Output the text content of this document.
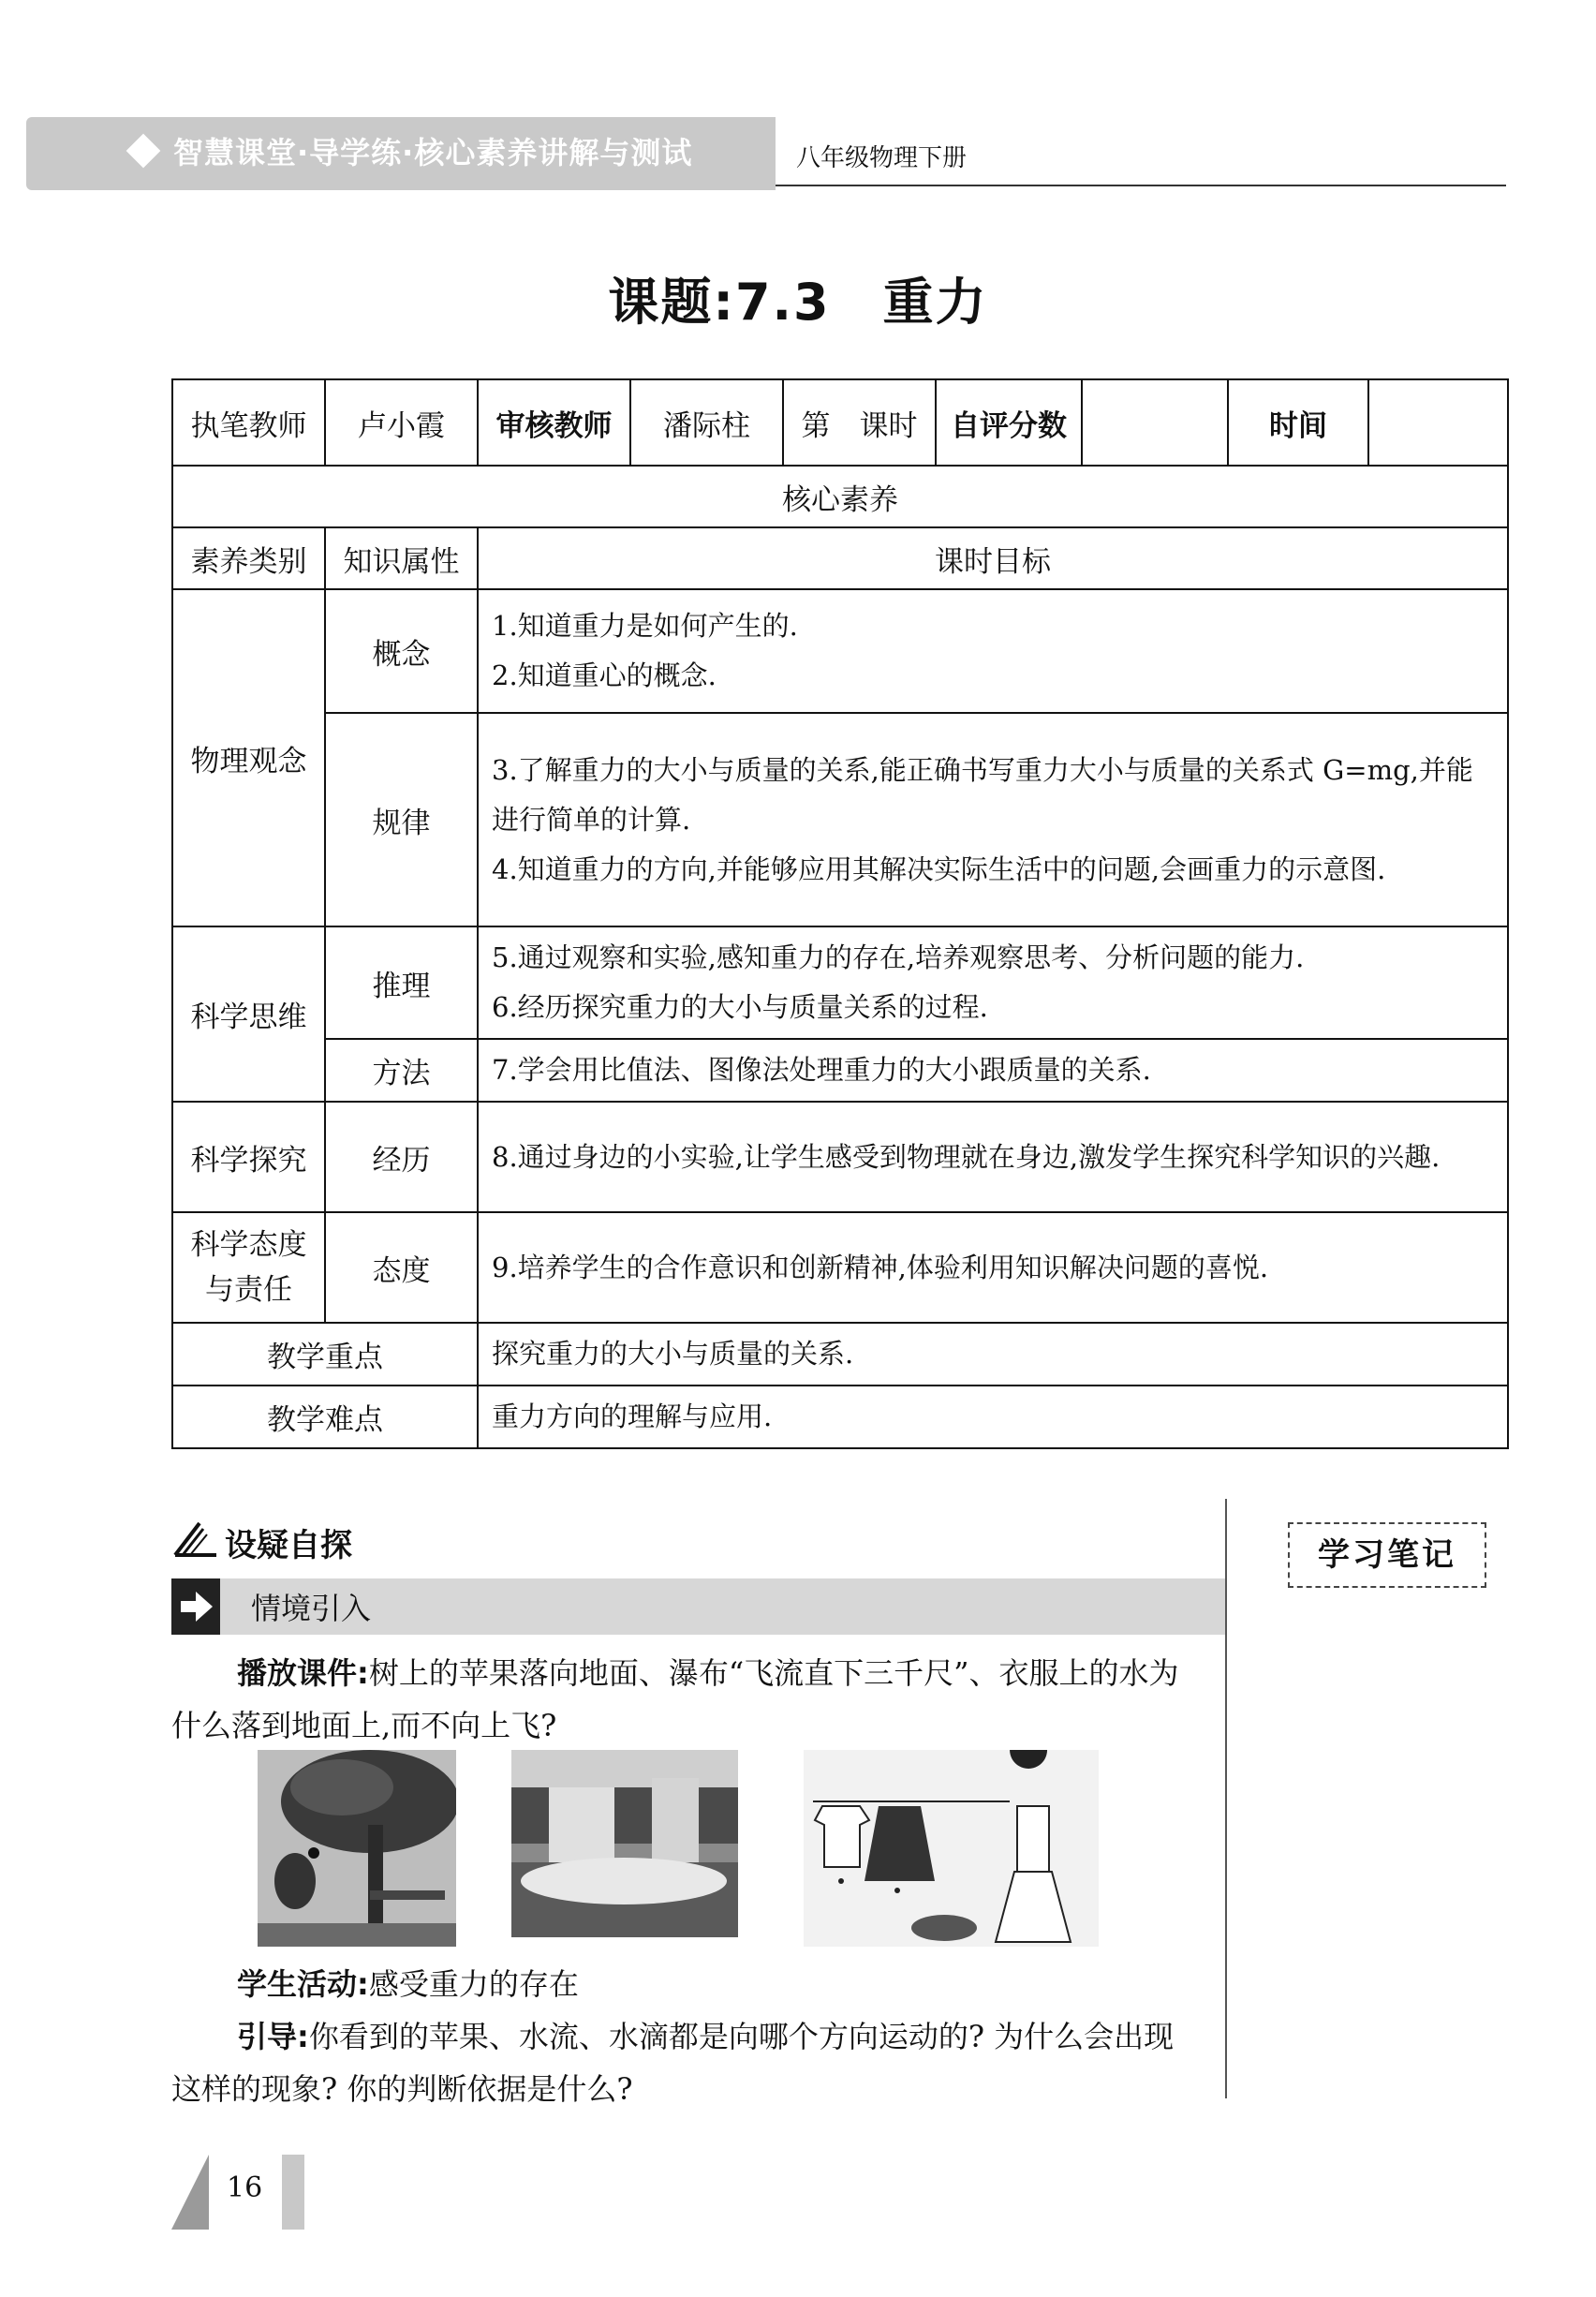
智慧课堂·导学练·核心素养讲解与测试	八年级物理下册
课题:7.3　重力
执笔教师	卢小霞	审核教师	潘际柱	第　课时	自评分数		时间	
核心素养								
素养类别	知识属性	课时目标						
物理观念	概念	1.知道重力是如何产生的.
2.知道重心的概念.						

	规律	3.了解重力的大小与质量的关系,能正确书写重力大小与质量的关系式 G=mg,并能进行简单的计算.
4.知道重力的方向,并能够应用其解决实际生活中的问题,会画重力的示意图.						

科学思维	推理	5.通过观察和实验,感知重力的存在,培养观察思考、分析问题的能力.
6.经历探究重力的大小与质量关系的过程.						

	方法	7.学会用比值法、图像法处理重力的大小跟质量的关系.						
科学探究	经历	8.通过身边的小实验,让学生感受到物理就在身边,激发学生探究科学知识的兴趣.						
科学态度与责任	态度	9.培养学生的合作意识和创新精神,体验利用知识解决问题的喜悦.						
教学重点		探究重力的大小与质量的关系.						
教学难点		重力方向的理解与应用.						
设疑自探
情境引入
学习笔记
播放课件:树上的苹果落向地面、瀑布“飞流直下三千尺”、衣服上的水为什么落到地面上,而不向上飞?
学生活动:感受重力的存在
引导:你看到的苹果、水流、水滴都是向哪个方向运动的? 为什么会出现这样的现象? 你的判断依据是什么?
16
